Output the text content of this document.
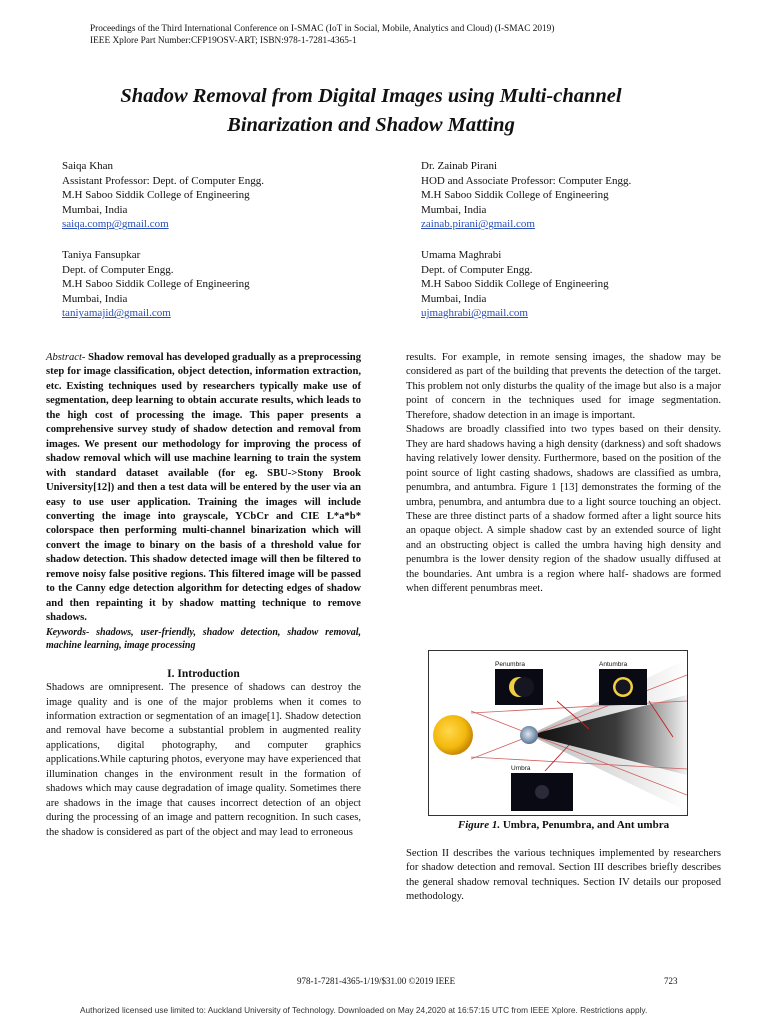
Proceedings of the Third International Conference on I-SMAC (IoT in Social, Mobile, Analytics and Cloud) (I-SMAC 2019)
IEEE Xplore Part Number:CFP19OSV-ART; ISBN:978-1-7281-4365-1
Shadow Removal from Digital Images using Multi-channel
Binarization and Shadow Matting
Saiqa Khan
Assistant Professor: Dept. of Computer Engg.
M.H Saboo Siddik College of Engineering
Mumbai, India
saiqa.comp@gmail.com
Dr. Zainab Pirani
HOD and Associate Professor: Computer Engg.
M.H Saboo Siddik College of Engineering
Mumbai, India
zainab.pirani@gmail.com
Taniya Fansupkar
Dept. of Computer Engg.
M.H Saboo Siddik College of Engineering
Mumbai, India
taniyamajid@gmail.com
Umama Maghrabi
Dept. of Computer Engg.
M.H Saboo Siddik College of Engineering
Mumbai, India
ujmaghrabi@gmail.com

Abstract- Shadow removal has developed gradually as a preprocessing step for image classification, object detection, information extraction, etc. Existing techniques used by researchers typically make use of segmentation, deep learning to obtain accurate results, which leads to the high cost of processing the image. This paper presents a comprehensive survey study of shadow detection and removal from images. We present our methodology for improving the process of shadow removal which will use machine learning to train the system with standard dataset available (for eg. SBU->Stony Brook University[12]) and then a test data will be entered by the user via an easy to use user application. Training the images will include converting the image into grayscale, YCbCr and CIE L*a*b* colorspace then performing multi-channel binarization which will convert the image to binary on the basis of a threshold value for shadow detection. This shadow detected image will then be filtered to remove noisy false positive regions. This filtered image will be passed to the Canny edge detection algorithm for detecting edges of shadow and then repainting it by shadow matting technique to remove shadows.

Keywords- shadows, user-friendly, shadow detection, shadow removal, machine learning, image processing

I. Introduction

Shadows are omnipresent. The presence of shadows can destroy the image quality and is one of the major problems when it comes to information extraction or segmentation of an image[1]. Shadow detection and removal have become a substantial problem in augmented reality applications, digital photography, and computer graphics applications.While capturing photos, everyone may have experienced that illumination changes in the environment result in the formation of shadows which may cause degradation of image quality. Sometimes there are shadows in the image that causes incorrect detection of an object during the processing of an image and pattern recognition. In such cases, the shadow is considered as part of the object and may lead to erroneous

results. For example, in remote sensing images, the shadow may be considered as part of the building that prevents the detection of the target. This problem not only disturbs the quality of the image but also is a major point of concern in the techniques used for image segmentation. Therefore, shadow detection in an image is important.

Shadows are broadly classified into two types based on their density. They are hard shadows having a high density (darkness) and soft shadows having relatively lower density. Furthermore, based on the position of the point source of light casting shadows, shadows are classified as umbra, penumbra, and antumbra. Figure 1 [13] demonstrates the forming of the umbra, penumbra, and antumbra due to a light source touching an object. These are three distinct parts of a shadow formed after a light source hits an opaque object. A simple shadow cast by an extended source of light and an obstructing object is called the umbra having high density and penumbra is the lower density region of the shadow usually diffused at the boundaries. Ant umbra is a region where half- shadows are formed when different penumbras meet.

Penumbra	Antumbra
Umbra
Figure 1. Umbra, Penumbra, and Ant umbra
Section II describes the various techniques implemented by researchers for shadow detection and removal. Section III describes briefly describes the general shadow removal techniques. Section IV details our proposed methodology.
978-1-7281-4365-1/19/$31.00 ©2019 IEEE	723
Authorized licensed use limited to: Auckland University of Technology. Downloaded on May 24,2020 at 16:57:15 UTC from IEEE Xplore. Restrictions apply.
